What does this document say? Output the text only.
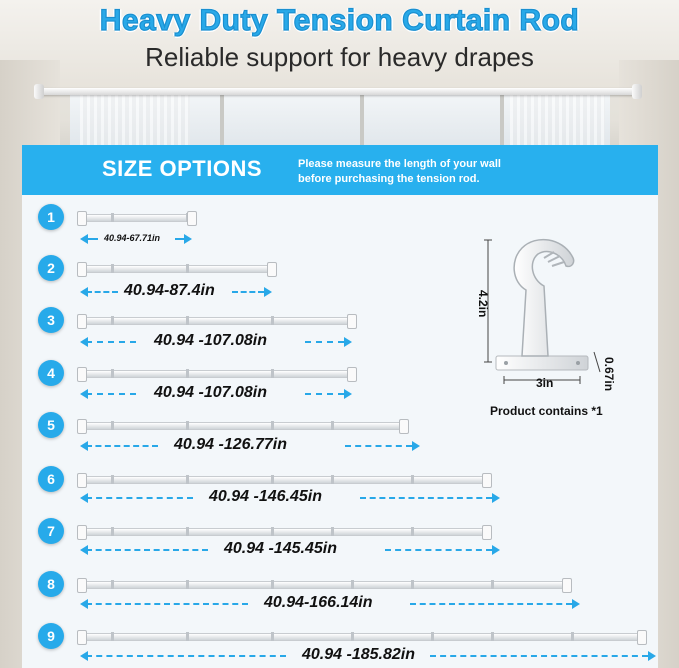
Heavy Duty Tension Curtain Rod
Reliable support for heavy drapes
SIZE OPTIONS	Please measure the length of your wall
before purchasing the tension rod.
1
40.94-67.71in
2
40.94-87.4in
3
40.94 -107.08in
4
40.94 -107.08in
5
40.94 -126.77in
6
40.94 -146.45in
7
40.94 -145.45in
8
40.94-166.14in
9
40.94 -185.82in
4.2in
3in	0.67in
Product contains *1
